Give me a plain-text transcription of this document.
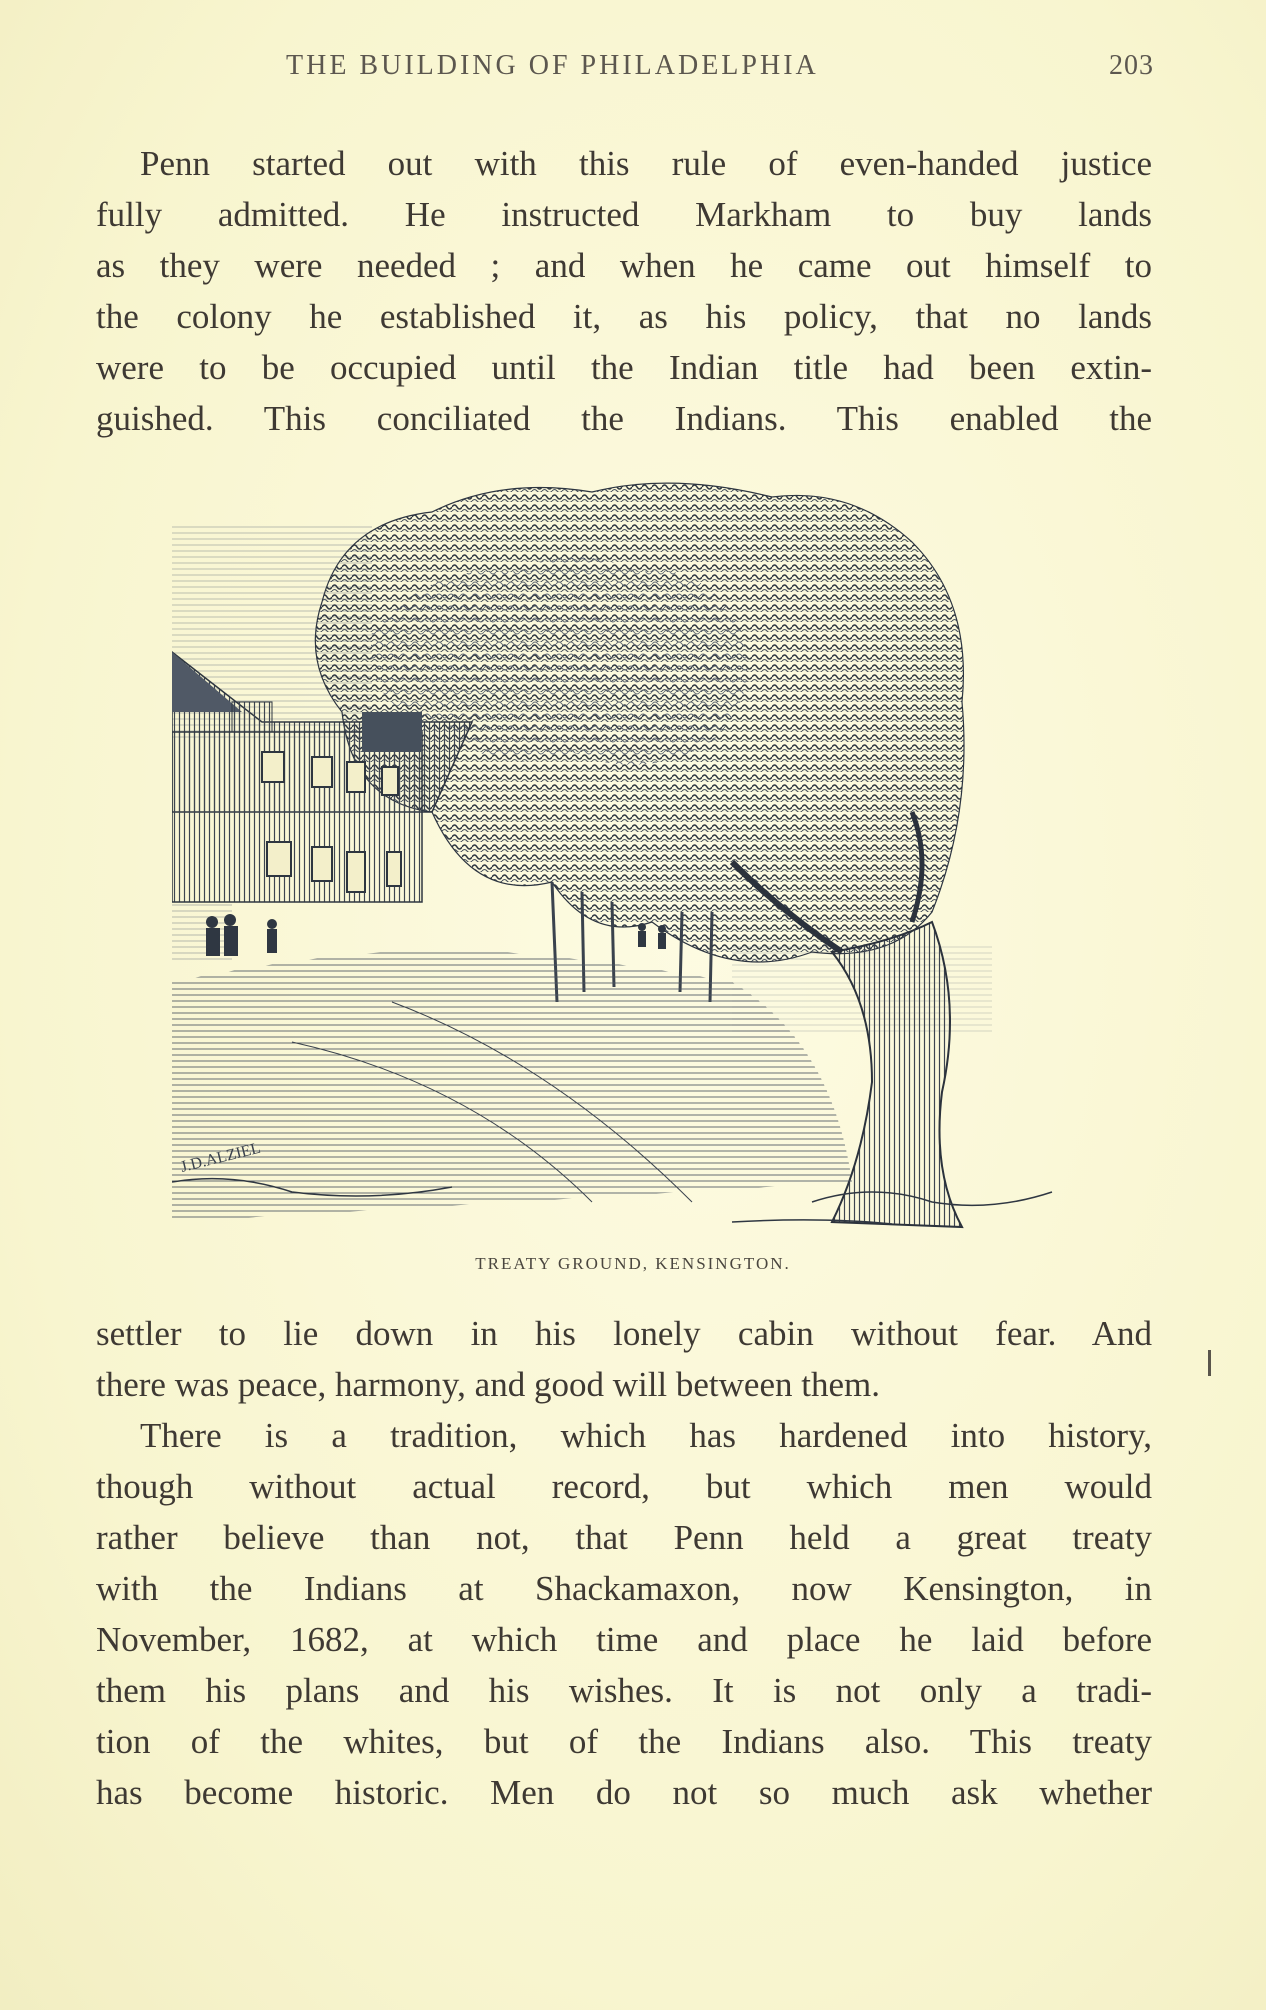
THE BUILDING OF PHILADELPHIA	203
Penn started out with this rule of even-handed justice
fully admitted. He instructed Markham to buy lands
as they were needed ; and when he came out himself to
the colony he established it, as his policy, that no lands
were to be occupied until the Indian title had been extin-
guished. This conciliated the Indians. This enabled the
J.D.ALZIEL
TREATY GROUND, KENSINGTON.
settler to lie down in his lonely cabin without fear. And
there was peace, harmony, and good will between them.
There is a tradition, which has hardened into history,
though without actual record, but which men would
rather believe than not, that Penn held a great treaty
with the Indians at Shackamaxon, now Kensington, in
November, 1682, at which time and place he laid before
them his plans and his wishes. It is not only a tradi-
tion of the whites, but of the Indians also. This treaty
has become historic. Men do not so much ask whether
